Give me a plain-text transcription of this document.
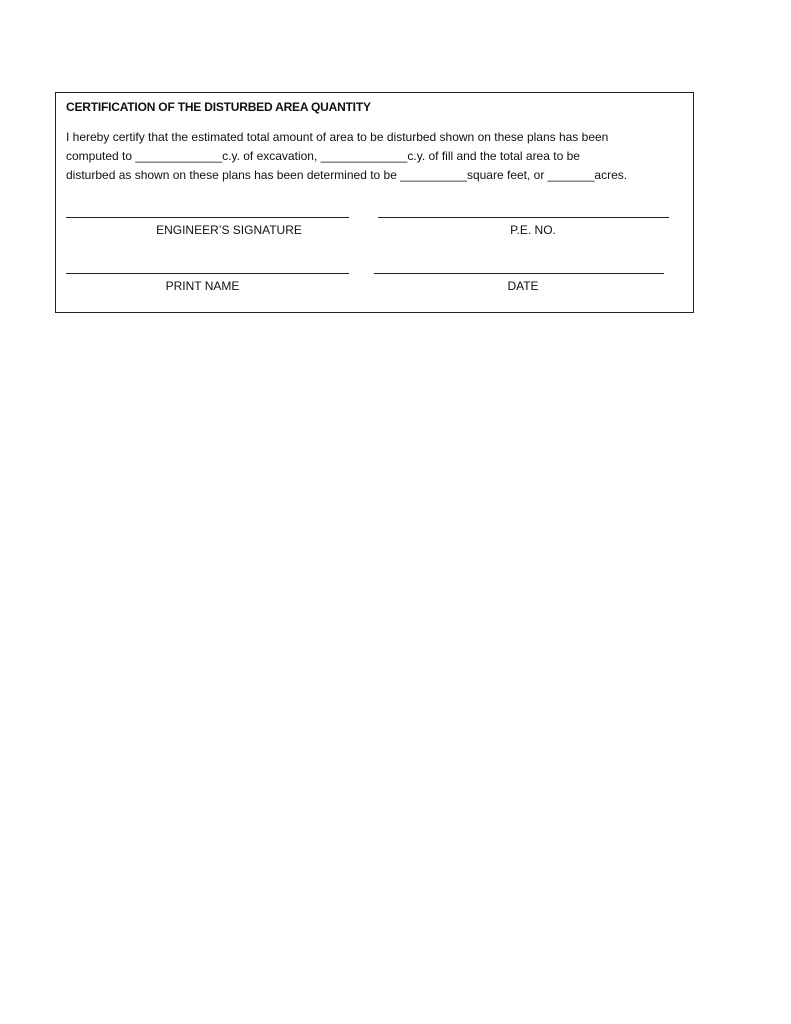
CERTIFICATION OF THE DISTURBED AREA QUANTITY
I hereby certify that the estimated total amount of area to be disturbed shown on these plans has been
computed to _____________c.y. of excavation, _____________c.y. of fill and the total area to be
disturbed as shown on these plans has been determined to be __________square feet, or _______acres.
ENGINEER’S SIGNATURE	P.E. NO.
PRINT NAME	DATE
